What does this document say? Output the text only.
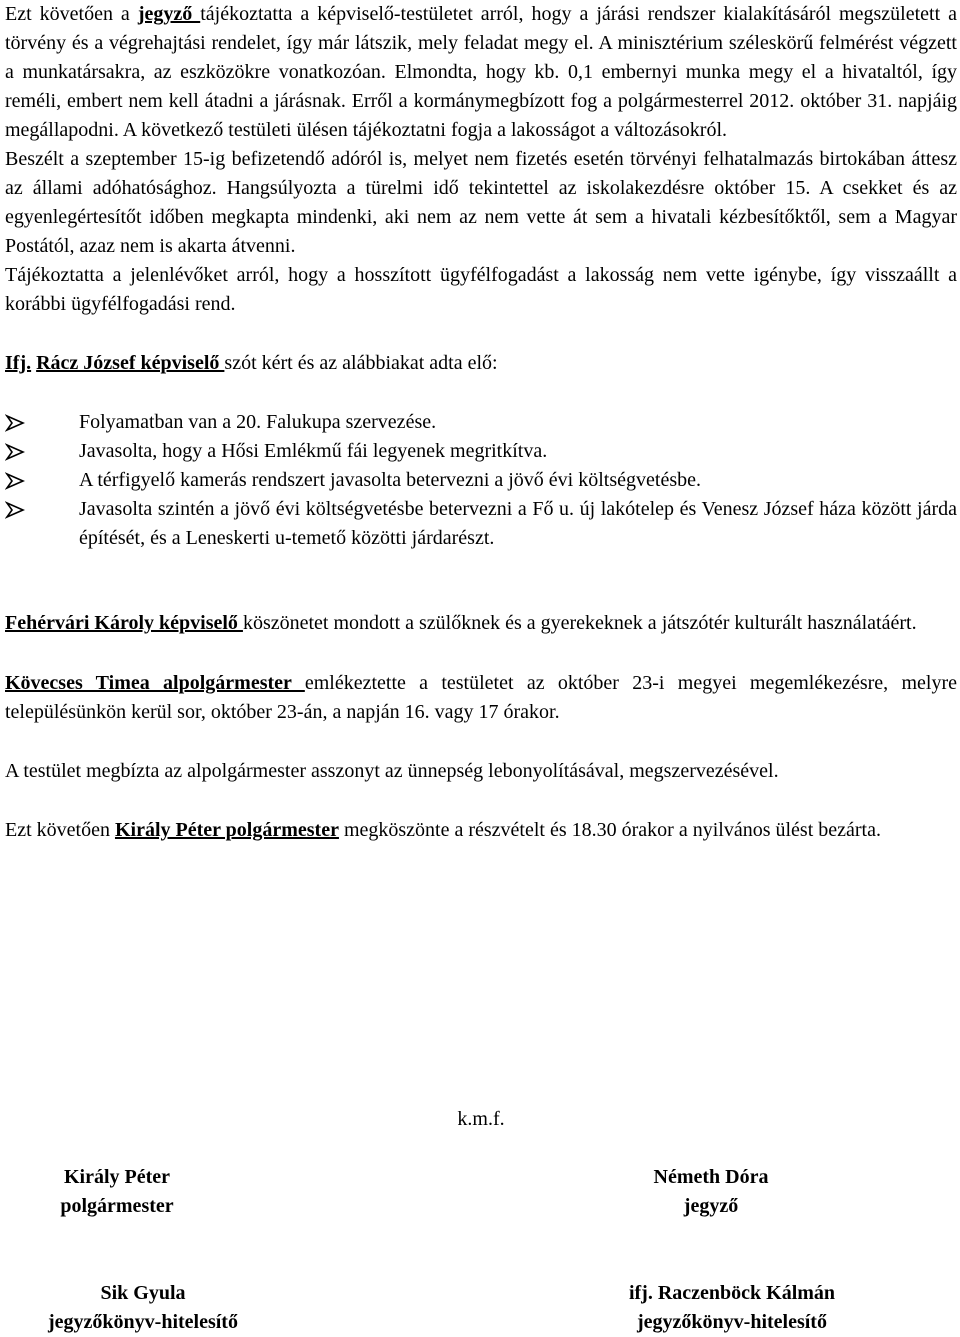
Ezt követően a jegyző tájékoztatta a képviselő-testületet arról, hogy a járási rendszer kialakításáról megszületett a törvény és a végrehajtási rendelet, így már látszik, mely feladat megy el. A minisztérium széleskörű felmérést végzett a munkatársakra, az eszközökre vonatkozóan. Elmondta, hogy kb. 0,1 embernyi munka megy el a hivataltól, így reméli, embert nem kell átadni a járásnak. Erről a kormánymegbízott fog a polgármesterrel 2012. október 31. napjáig megállapodni. A következő testületi ülésen tájékoztatni fogja a lakosságot a változásokról.

Beszélt a szeptember 15-ig befizetendő adóról is, melyet nem fizetés esetén törvényi felhatalmazás birtokában áttesz az állami adóhatósághoz. Hangsúlyozta a türelmi idő tekintettel az iskolakezdésre október 15. A csekket és az egyenlegértesítőt időben megkapta mindenki, aki nem az nem vette át sem a hivatali kézbesítőktől, sem a Magyar Postától, azaz nem is akarta átvenni.

Tájékoztatta a jelenlévőket arról, hogy a hosszított ügyfélfogadást a lakosság nem vette igénybe, így visszaállt a korábbi ügyfélfogadási rend.

Ifj. Rácz József képviselő szót kért és az alábbiakat adta elő:

Folyamatban van a 20. Falukupa szervezése.
Javasolta, hogy a Hősi Emlékmű fái legyenek megritkítva.
A térfigyelő kamerás rendszert javasolta betervezni a jövő évi költségvetésbe.
Javasolta szintén a jövő évi költségvetésbe betervezni a Fő u. új lakótelep és Venesz József háza között járda építését, és a Leneskerti u-temető közötti járdarészt.

Fehérvári Károly képviselő köszönetet mondott a szülőknek és a gyerekeknek a játszótér kulturált használatáért.

Kövecses Timea alpolgármester emlékeztette a testületet az október 23-i megyei megemlékezésre, melyre településünkön kerül sor, október 23-án, a napján 16. vagy 17 órakor.

A testület megbízta az alpolgármester asszonyt az ünnepség lebonyolításával, megszervezésével.

Ezt követően Király Péter polgármester megköszönte a részvételt és 18.30 órakor a nyilvános ülést bezárta.

k.m.f.
Király Péter
polgármester
Németh Dóra
jegyző
Sik Gyula
jegyzőkönyv-hitelesítő
ifj. Raczenböck Kálmán
jegyzőkönyv-hitelesítő
